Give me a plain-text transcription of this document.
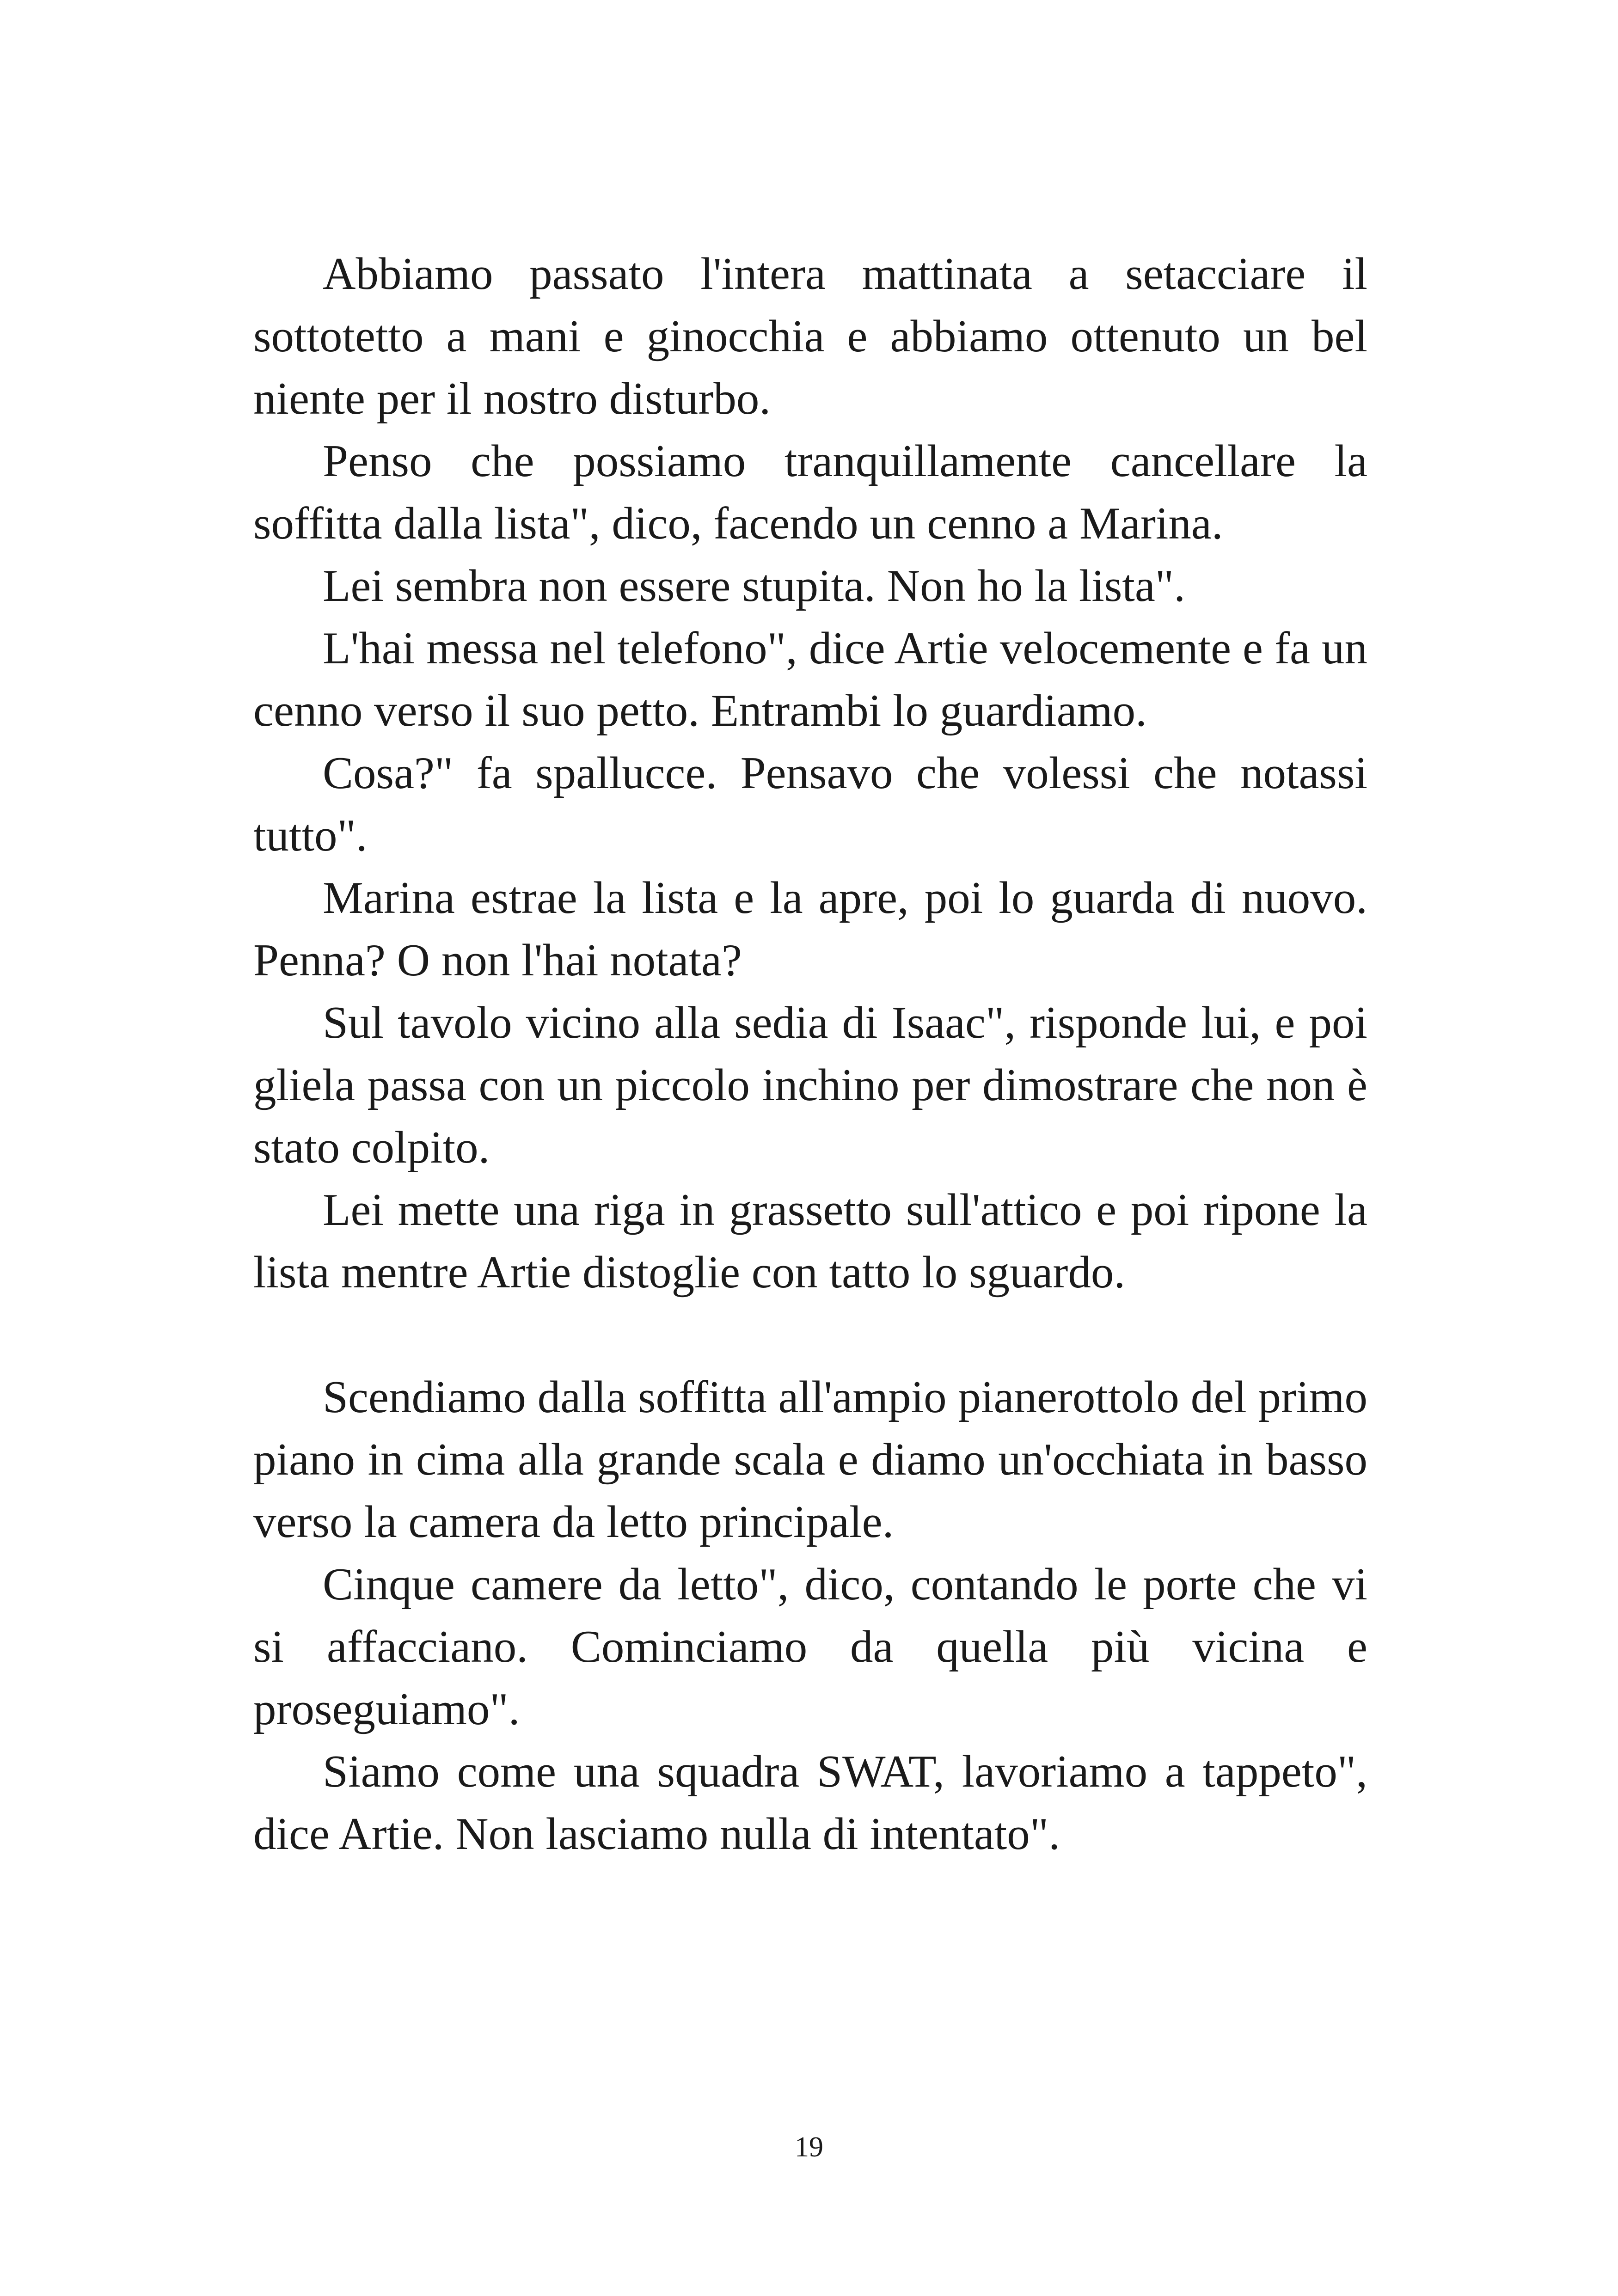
Abbiamo passato l'intera mattinata a setacciare il sottotetto a mani e ginocchia e abbiamo ottenuto un bel niente per il nostro disturbo.

Penso che possiamo tranquillamente cancellare la soffitta dalla lista", dico, facendo un cenno a Marina.

Lei sembra non essere stupita. Non ho la lista".

L'hai messa nel telefono", dice Artie velocemente e fa un cenno verso il suo petto. Entrambi lo guardiamo.

Cosa?" fa spallucce. Pensavo che volessi che notassi tutto".

Marina estrae la lista e la apre, poi lo guarda di nuovo. Penna? O non l'hai notata?

Sul tavolo vicino alla sedia di Isaac", risponde lui, e poi gliela passa con un piccolo inchino per dimostrare che non è stato colpito.

Lei mette una riga in grassetto sull'attico e poi ripone la lista mentre Artie distoglie con tatto lo sguardo.

Scendiamo dalla soffitta all'ampio pianerottolo del primo piano in cima alla grande scala e diamo un'occhiata in basso verso la camera da letto principale.

Cinque camere da letto", dico, contando le porte che vi si affacciano. Cominciamo da quella più vicina e proseguiamo".

Siamo come una squadra SWAT, lavoriamo a tappeto", dice Artie. Non lasciamo nulla di intentato".

19
